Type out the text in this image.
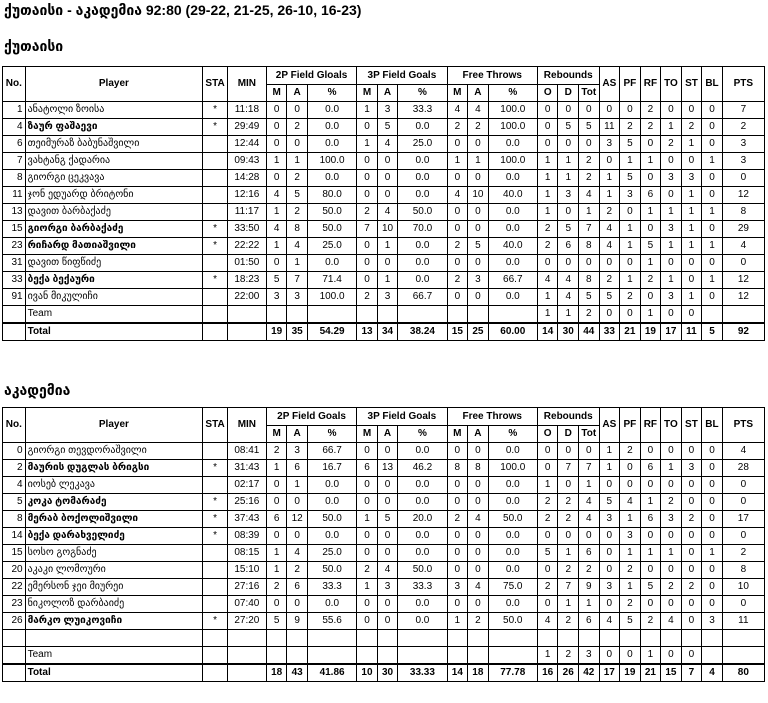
ქუთაისი - აკადემია 92:80 (29-22, 21-25, 26-10, 16-23)
ქუთაისი
No.	Player	STA	MIN	2P Field Gloals			3P Field Goals			Free Throws			Rebounds			AS	PF	RF	TO	ST	BL	PTS
				M	A	%	M	A	%	M	A	%	O	D	Tot							
1	ანატოლი ზოისა	*	11:18	0	0	0.0	1	3	33.3	4	4	100.0	0	0	0	0	0	2	0	0	0	7
4	ზაურ ფაშაევი	*	29:49	0	2	0.0	0	5	0.0	2	2	100.0	0	5	5	11	2	2	1	2	0	2
6	თეიმურაზ ბაბუნაშვილი		12:44	0	0	0.0	1	4	25.0	0	0	0.0	0	0	0	3	5	0	2	1	0	3
7	ვახტანგ ქადარია		09:43	1	1	100.0	0	0	0.0	1	1	100.0	1	1	2	0	1	1	0	0	1	3
8	გიორგი ცეკვავა		14:28	0	2	0.0	0	0	0.0	0	0	0.0	1	1	2	1	5	0	3	3	0	0
11	ჯონ ედუარდ ბრიტონი		12:16	4	5	80.0	0	0	0.0	4	10	40.0	1	3	4	1	3	6	0	1	0	12
13	დავით ბარბაქაძე		11:17	1	2	50.0	2	4	50.0	0	0	0.0	1	0	1	2	0	1	1	1	1	8
15	გიორგი ბარბაქაძე	*	33:50	4	8	50.0	7	10	70.0	0	0	0.0	2	5	7	4	1	0	3	1	0	29
23	რიჩარდ მათიაშვილი	*	22:22	1	4	25.0	0	1	0.0	2	5	40.0	2	6	8	4	1	5	1	1	1	4
31	დავით წიფწიძე		01:50	0	1	0.0	0	0	0.0	0	0	0.0	0	0	0	0	0	1	0	0	0	0
33	ბექა ბექაური	*	18:23	5	7	71.4	0	1	0.0	2	3	66.7	4	4	8	2	1	2	1	0	1	12
91	ივან მიკულიჩი		22:00	3	3	100.0	2	3	66.7	0	0	0.0	1	4	5	5	2	0	3	1	0	12
	Team												1	1	2	0	0	1	0	0		
	Total			19	35	54.29	13	34	38.24	15	25	60.00	14	30	44	33	21	19	17	11	5	92
აკადემია
No.	Player	STA	MIN	2P Field Goals			3P Field Goals			Free Throws			Rebounds			AS	PF	RF	TO	ST	BL	PTS
				M	A	%	M	A	%	M	A	%	O	D	Tot							
0	გიორგი თევდორაშვილი		08:41	2	3	66.7	0	0	0.0	0	0	0.0	0	0	0	1	2	0	0	0	0	4
2	მაურის დუგლას ბრიგსი	*	31:43	1	6	16.7	6	13	46.2	8	8	100.0	0	7	7	1	0	6	1	3	0	28
4	იოსებ ლეკავა		02:17	0	1	0.0	0	0	0.0	0	0	0.0	1	0	1	0	0	0	0	0	0	0
5	კოკა ტომარაძე	*	25:16	0	0	0.0	0	0	0.0	0	0	0.0	2	2	4	5	4	1	2	0	0	0
8	მერაბ ბოქოლიშვილი	*	37:43	6	12	50.0	1	5	20.0	2	4	50.0	2	2	4	3	1	6	3	2	0	17
14	ბექა დარახველიძე	*	08:39	0	0	0.0	0	0	0.0	0	0	0.0	0	0	0	0	3	0	0	0	0	0
15	სოსო გოგნაძე		08:15	1	4	25.0	0	0	0.0	0	0	0.0	5	1	6	0	1	1	1	0	1	2
20	აკაკი ლომოური		15:10	1	2	50.0	2	4	50.0	0	0	0.0	0	2	2	0	2	0	0	0	0	8
22	ემერსონ ჯეი მიურეი		27:16	2	6	33.3	1	3	33.3	3	4	75.0	2	7	9	3	1	5	2	2	0	10
23	ნიკოლოზ დარბაიძე		07:40	0	0	0.0	0	0	0.0	0	0	0.0	0	1	1	0	2	0	0	0	0	0
26	მარკო ლუიკოვიჩი	*	27:20	5	9	55.6	0	0	0.0	1	2	50.0	4	2	6	4	5	2	4	0	3	11

	Team												1	2	3	0	0	1	0	0		
	Total			18	43	41.86	10	30	33.33	14	18	77.78	16	26	42	17	19	21	15	7	4	80
